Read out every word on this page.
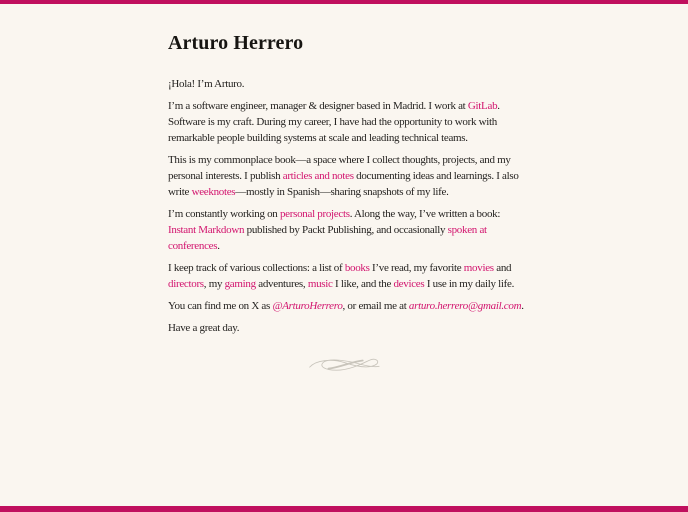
Arturo Herrero

¡Hola! I’m Arturo.

I’m a software engineer, manager & designer based in Madrid. I work at GitLab. Software is my craft. During my career, I have had the opportunity to work with remarkable people building systems at scale and leading technical teams.

This is my commonplace book—a space where I collect thoughts, projects, and my personal interests. I publish articles and notes documenting ideas and learnings. I also write weeknotes—mostly in Spanish—sharing snapshots of my life.

I’m constantly working on personal projects. Along the way, I’ve written a book: Instant Markdown published by Packt Publishing, and occasionally spoken at conferences.

I keep track of various collections: a list of books I’ve read, my favorite movies and directors, my gaming adventures, music I like, and the devices I use in my daily life.

You can find me on X as @ArturoHerrero, or email me at arturo.herrero@gmail.com.

Have a great day.
